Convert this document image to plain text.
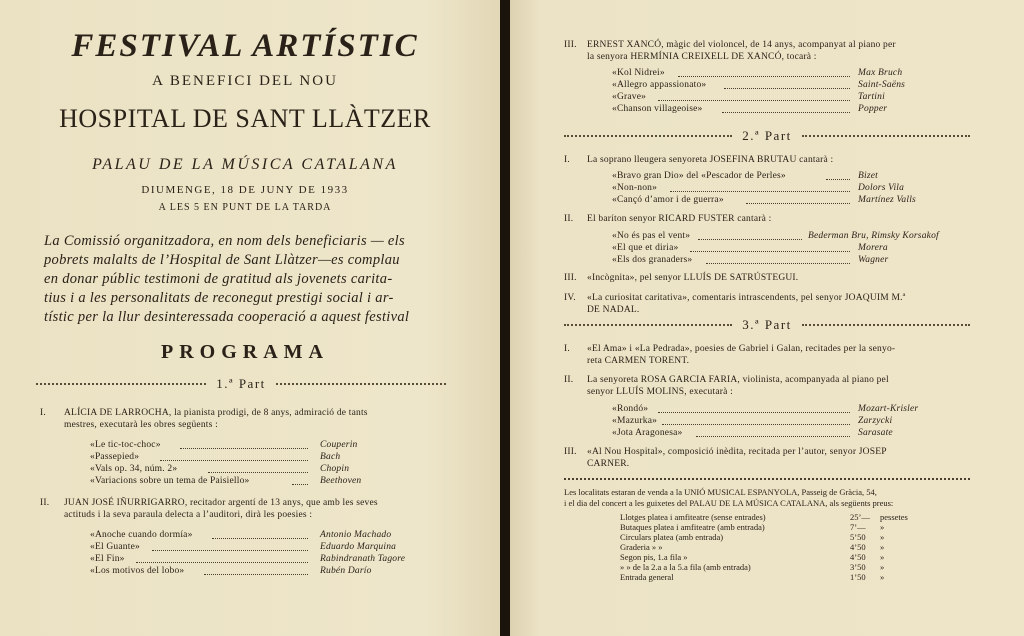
FESTIVAL ARTÍSTIC
A BENEFICI DEL NOU
HOSPITAL DE SANT LLÀTZER
PALAU DE LA MÚSICA CATALANA
DIUMENGE, 18 DE JUNY DE 1933
A LES 5 EN PUNT DE LA TARDA
La Comissió organitzadora, en nom dels beneficiaris — els
pobrets malalts de l’Hospital de Sant Llàtzer—es complau
en donar públic testimoni de gratitud als jovenets carita-
tius i a les personalitats de reconegut prestigi social i ar-
tístic per la llur desinteressada cooperació a aquest festival
PROGRAMA
1.ª Part
I. ALÍCIA DE LARROCHA, la pianista prodigi, de 8 anys, admiració de tants
mestres, executarà les obres següents :
«Le tic-toc-choc»	Couperin
«Passepied»	Bach
«Vals op. 34, núm. 2»	Chopin
«Variacions sobre un tema de Paisiello»	Beethoven
II. JUAN JOSÉ IÑURRIGARRO, recitador argentí de 13 anys, que amb les seves
actituds i la seva paraula delecta a l’auditori, dirà les poesies :
«Anoche cuando dormía»	Antonio Machado
«El Guante»	Eduardo Marquina
«El Fin»	Rabindranath Tagore
«Los motivos del lobo»	Rubén Darío
III. ERNEST XANCÓ, màgic del violoncel, de 14 anys, acompanyat al piano per
la senyora HERMÍNIA CREIXELL DE XANCÓ, tocarà :
«Kol Nidrei»	Max Bruch
«Allegro appassionato»	Saint-Saëns
«Grave»	Tartini
«Chanson villageoise»	Popper
2.ª Part
I. La soprano lleugera senyoreta JOSEFINA BRUTAU cantarà :
«Bravo gran Dio» del «Pescador de Perles»	Bizet
«Non-non»	Dolors Vila
«Cançó d’amor i de guerra»	Martínez Valls
II. El baríton senyor RICARD FUSTER cantarà :
«No és pas el vent»	Bederman Bru, Rimsky Korsakof
«El que et diria»	Morera
«Els dos granaders»	Wagner
III. «Incògnita», pel senyor LLUÍS DE SATRÚSTEGUI.
IV. «La curiositat caritativa», comentaris intrascendents, pel senyor JOAQUIM M.ª
DE NADAL.
3.ª Part
I. «El Ama» i «La Pedrada», poesies de Gabriel i Galan, recitades per la senyo-
reta CARMEN TORENT.
II. La senyoreta ROSA GARCIA FARIA, violinista, acompanyada al piano pel
senyor LLUÍS MOLINS, executarà :
«Rondó»	Mozart-Krisler
«Mazurka»	Zarzycki
«Jota Aragonesa»	Sarasate
III. «Al Nou Hospital», composició inèdita, recitada per l’autor, senyor JOSEP
CARNER.
Les localitats estaran de venda a la UNIÓ MUSICAL ESPANYOLA, Passeig de Gràcia, 54,
i el dia del concert a les guixetes del PALAU DE LA MÚSICA CATALANA, als següents preus:
Llotges platea i amfiteatre (sense entrades)	25’— pessetes
Butaques platea i amfiteatre (amb entrada)	7’— »
Circulars platea (amb entrada)	5’50 »
Graderia » »	4’50 »
Segon pis, 1.a fila »	4’50 »
» » de la 2.a a la 5.a fila (amb entrada)	3’50 »
Entrada general	1’50 »
